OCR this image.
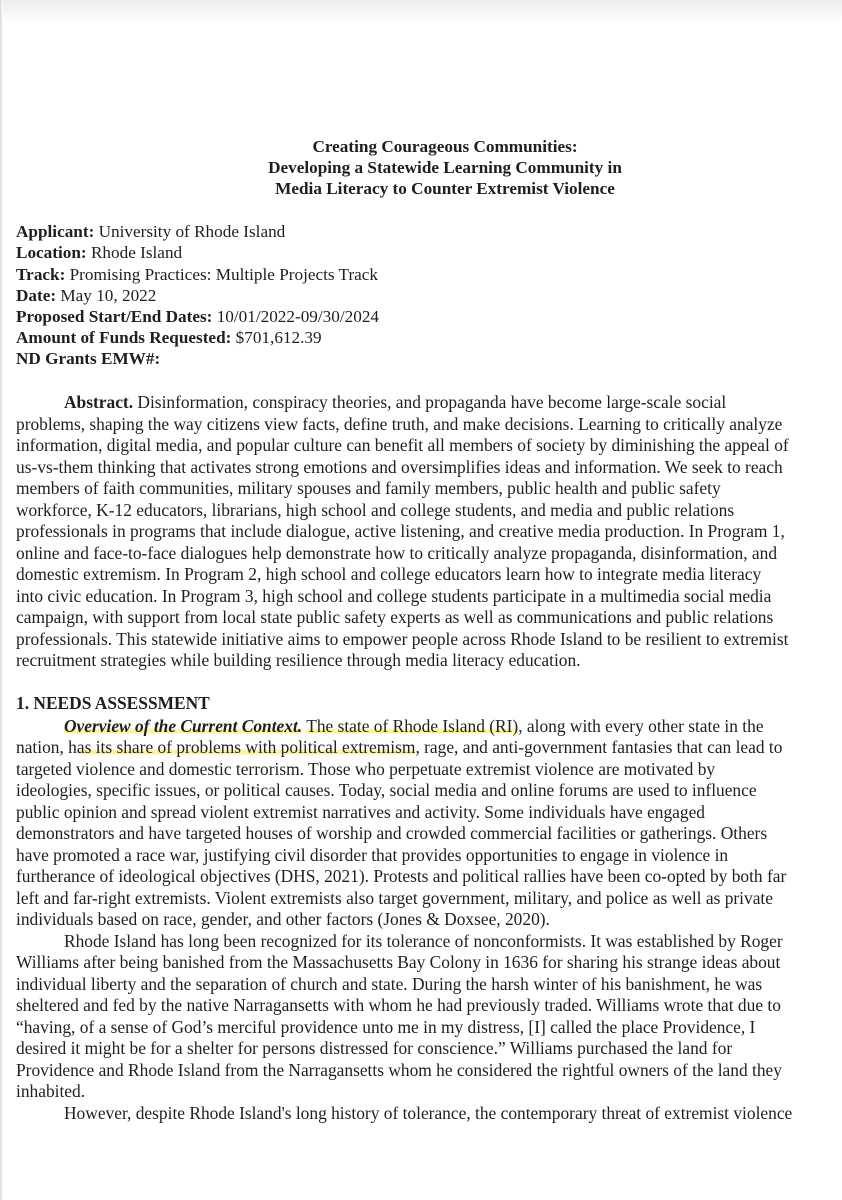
Creating Courageous Communities:
Developing a Statewide Learning Community in
Media Literacy to Counter Extremist Violence
Applicant: University of Rhode Island
Location: Rhode Island
Track: Promising Practices: Multiple Projects Track
Date: May 10, 2022
Proposed Start/End Dates: 10/01/2022-09/30/2024
Amount of Funds Requested: $701,612.39
ND Grants EMW#:
Abstract. Disinformation, conspiracy theories, and propaganda have become large-scale social
problems, shaping the way citizens view facts, define truth, and make decisions. Learning to critically analyze
information, digital media, and popular culture can benefit all members of society by diminishing the appeal of
us-vs-them thinking that activates strong emotions and oversimplifies ideas and information. We seek to reach
members of faith communities, military spouses and family members, public health and public safety
workforce, K-12 educators, librarians, high school and college students, and media and public relations
professionals in programs that include dialogue, active listening, and creative media production. In Program 1,
online and face-to-face dialogues help demonstrate how to critically analyze propaganda, disinformation, and
domestic extremism. In Program 2, high school and college educators learn how to integrate media literacy
into civic education. In Program 3, high school and college students participate in a multimedia social media
campaign, with support from local state public safety experts as well as communications and public relations
professionals. This statewide initiative aims to empower people across Rhode Island to be resilient to extremist
recruitment strategies while building resilience through media literacy education.
1. NEEDS ASSESSMENT
Overview of the Current Context. The state of Rhode Island (RI), along with every other state in the
nation, has its share of problems with political extremism, rage, and anti-government fantasies that can lead to
targeted violence and domestic terrorism. Those who perpetuate extremist violence are motivated by
ideologies, specific issues, or political causes. Today, social media and online forums are used to influence
public opinion and spread violent extremist narratives and activity. Some individuals have engaged
demonstrators and have targeted houses of worship and crowded commercial facilities or gatherings. Others
have promoted a race war, justifying civil disorder that provides opportunities to engage in violence in
furtherance of ideological objectives (DHS, 2021). Protests and political rallies have been co-opted by both far
left and far-right extremists. Violent extremists also target government, military, and police as well as private
individuals based on race, gender, and other factors (Jones & Doxsee, 2020).
Rhode Island has long been recognized for its tolerance of nonconformists. It was established by Roger
Williams after being banished from the Massachusetts Bay Colony in 1636 for sharing his strange ideas about
individual liberty and the separation of church and state. During the harsh winter of his banishment, he was
sheltered and fed by the native Narragansetts with whom he had previously traded. Williams wrote that due to
“having, of a sense of God’s merciful providence unto me in my distress, [I] called the place Providence, I
desired it might be for a shelter for persons distressed for conscience.” Williams purchased the land for
Providence and Rhode Island from the Narragansetts whom he considered the rightful owners of the land they
inhabited.
However, despite Rhode Island's long history of tolerance, the contemporary threat of extremist violence
